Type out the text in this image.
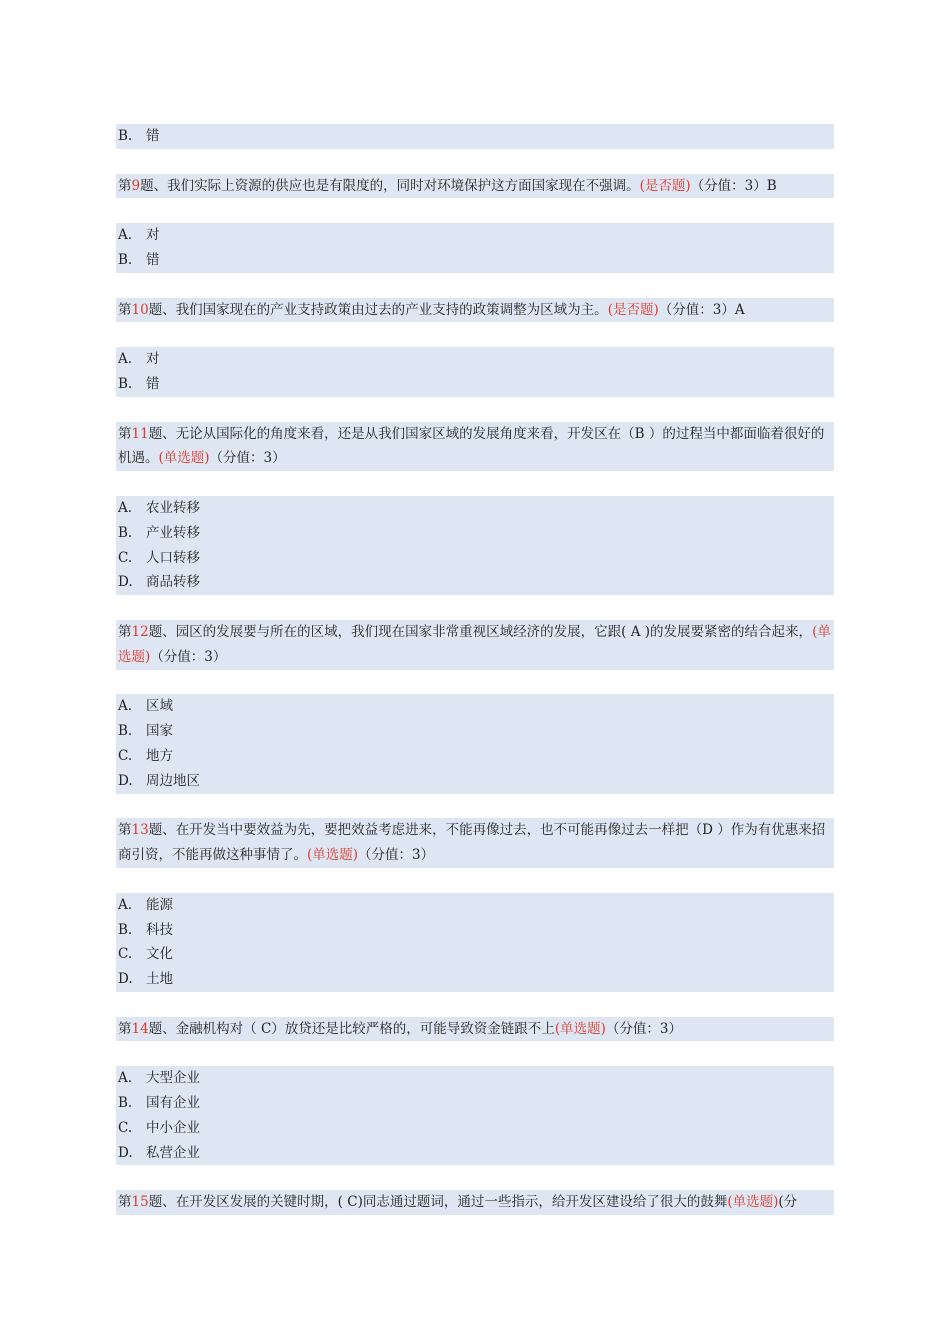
B. 错
第9题、我们实际上资源的供应也是有限度的，同时对环境保护这方面国家现在不强调。(是否题)（分值：3）B
A. 对
B. 错
第10题、我们国家现在的产业支持政策由过去的产业支持的政策调整为区域为主。(是否题)（分值：3）A
A. 对
B. 错
第11题、无论从国际化的角度来看，还是从我们国家区域的发展角度来看，开发区在（B ）的过程当中都面临着很好的机遇。(单选题)（分值：3）
A. 农业转移
B. 产业转移
C. 人口转移
D. 商品转移
第12题、园区的发展要与所在的区域，我们现在国家非常重视区域经济的发展，它跟( A )的发展要紧密的结合起来，(单选题)（分值：3）
A. 区域
B. 国家
C. 地方
D. 周边地区
第13题、在开发当中要效益为先，要把效益考虑进来，不能再像过去，也不可能再像过去一样把（D ）作为有优惠来招商引资，不能再做这种事情了。(单选题)（分值：3）
A. 能源
B. 科技
C. 文化
D. 土地
第14题、金融机构对（ C）放贷还是比较严格的，可能导致资金链跟不上(单选题)（分值：3）
A. 大型企业
B. 国有企业
C. 中小企业
D. 私营企业
第15题、在开发区发展的关键时期，( C)同志通过题词，通过一些指示，给开发区建设给了很大的鼓舞(单选题)(分
